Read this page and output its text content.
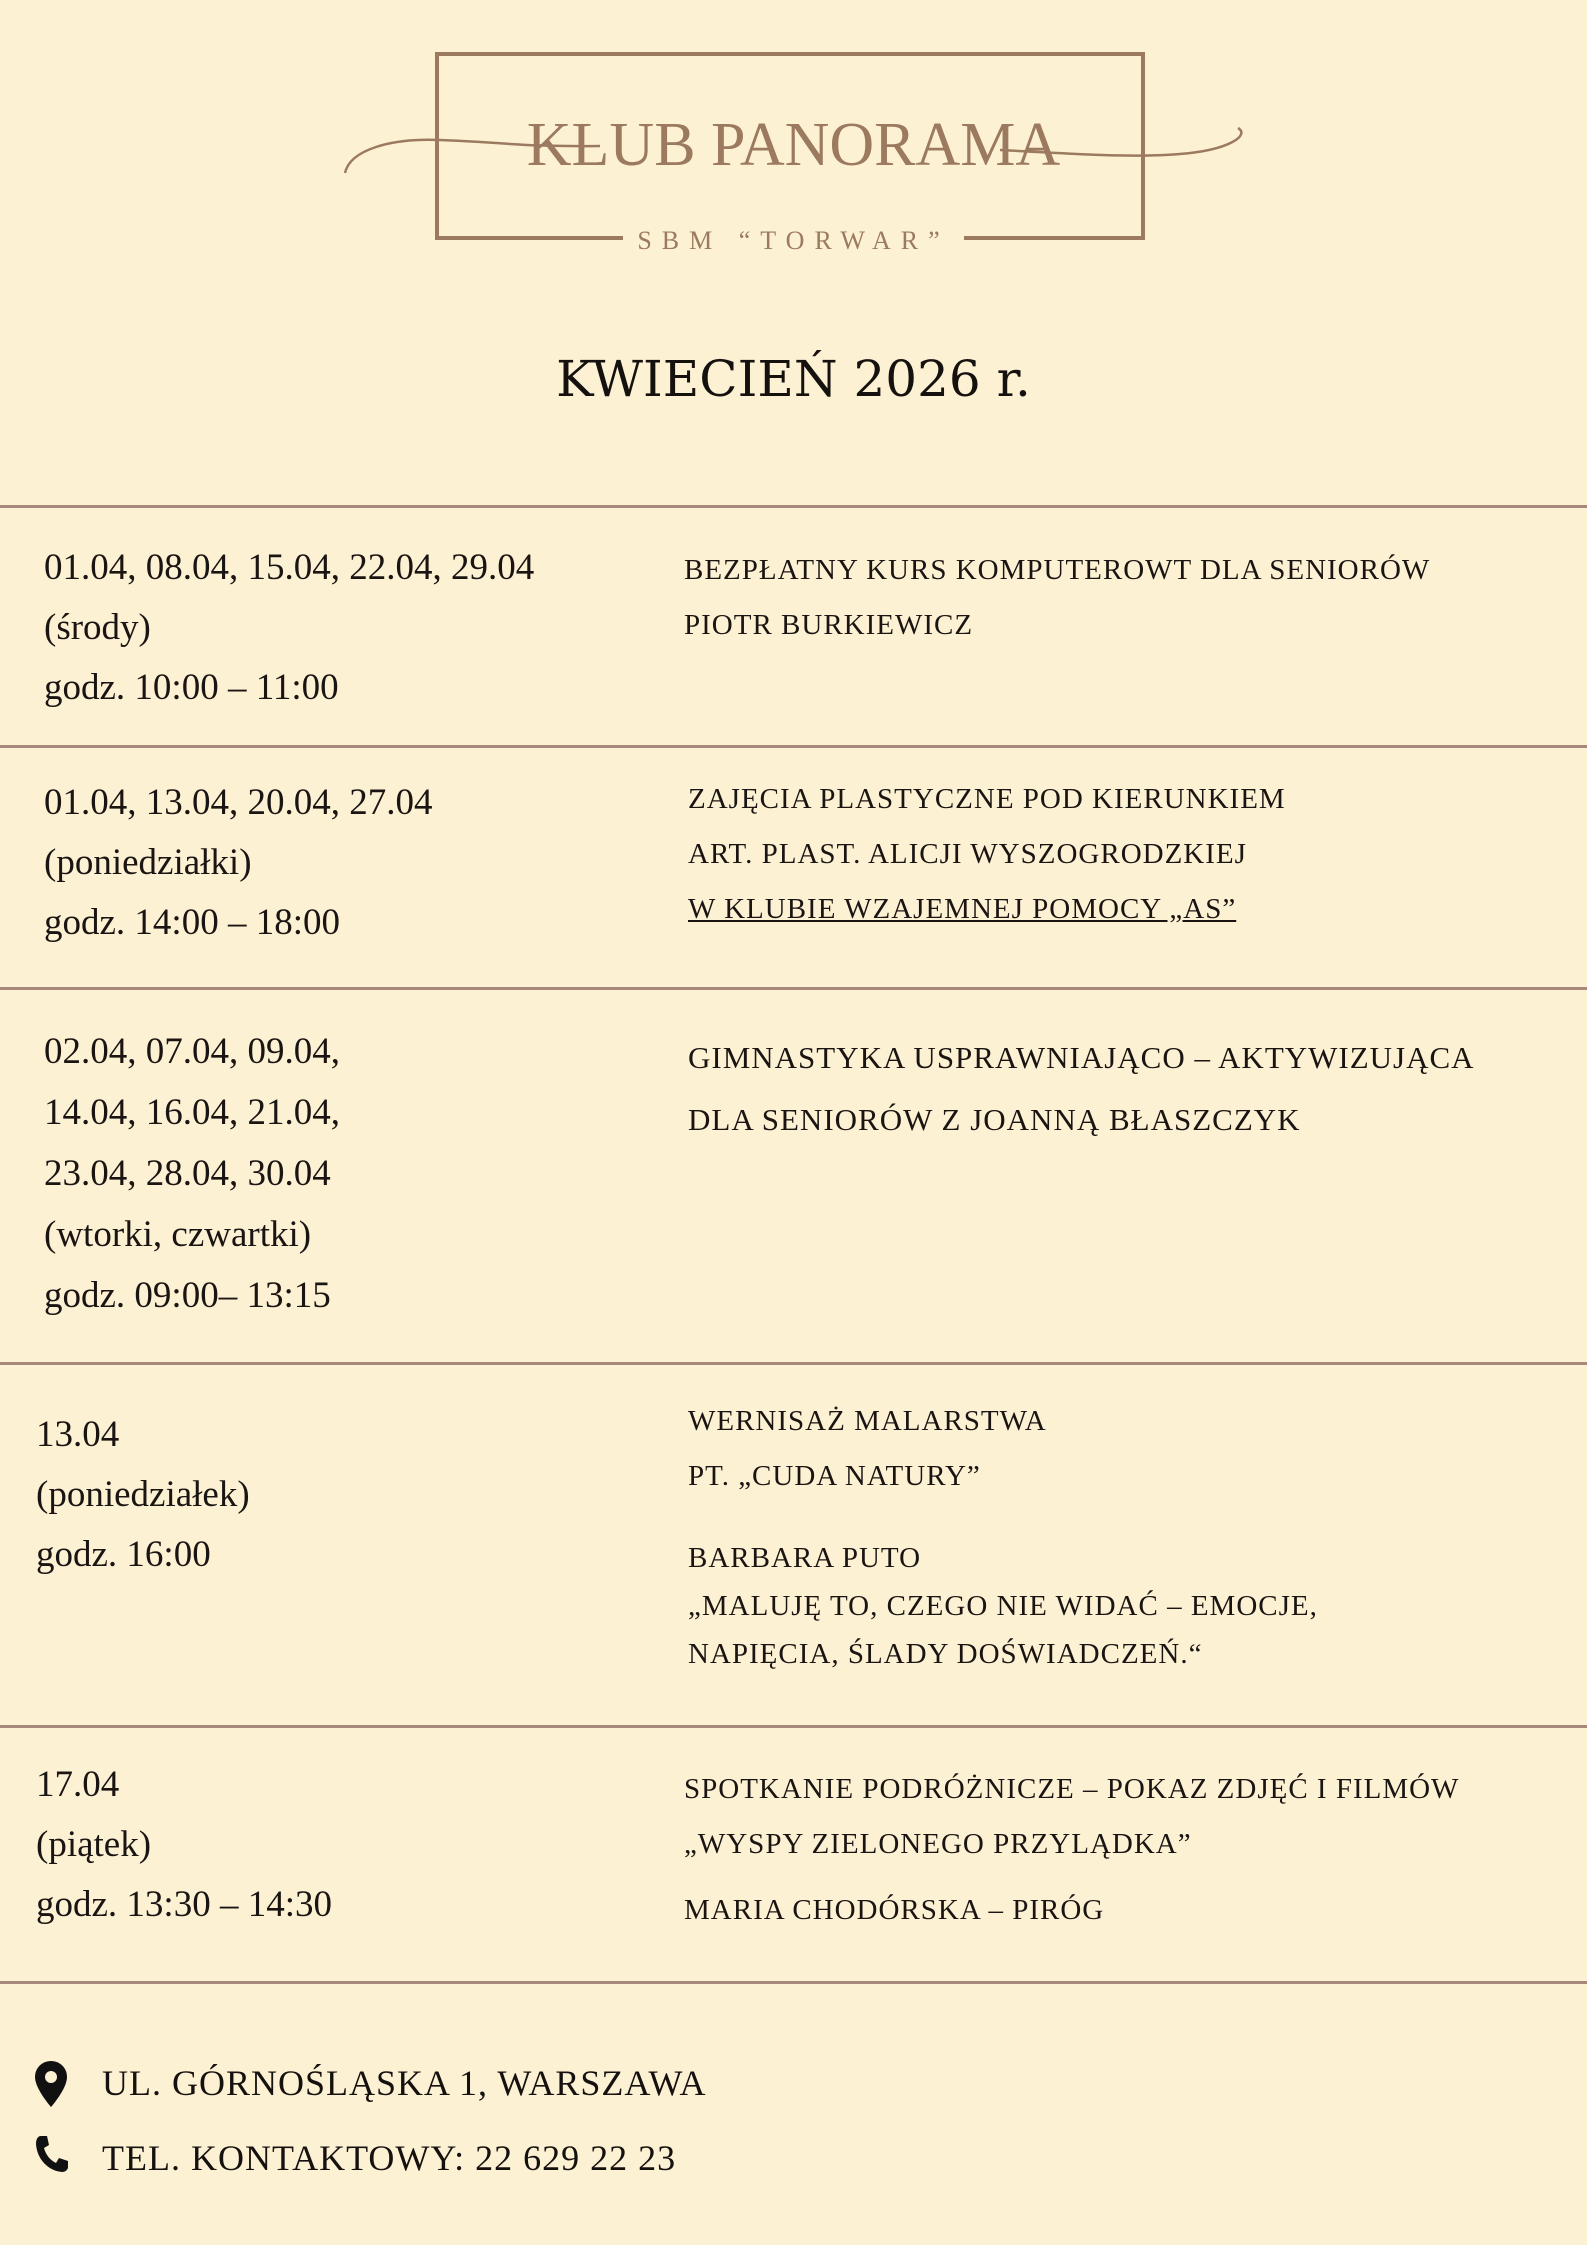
KLUB PANORAMA
SBM “TORWAR”
KWIECIEŃ 2026 r.
01.04, 08.04, 15.04, 22.04, 29.04
(środy)
godz. 10:00 – 11:00
BEZPŁATNY KURS KOMPUTEROWT DLA SENIORÓW
PIOTR BURKIEWICZ
01.04, 13.04, 20.04, 27.04
(poniedziałki)
godz. 14:00 – 18:00
ZAJĘCIA PLASTYCZNE POD KIERUNKIEM
ART. PLAST. ALICJI WYSZOGRODZKIEJ
W KLUBIE WZAJEMNEJ POMOCY „AS”
02.04, 07.04, 09.04,
14.04, 16.04, 21.04,
23.04, 28.04, 30.04
(wtorki, czwartki)
godz. 09:00– 13:15
GIMNASTYKA USPRAWNIAJĄCO – AKTYWIZUJĄCA
DLA SENIORÓW Z JOANNĄ BŁASZCZYK
13.04
(poniedziałek)
godz. 16:00
WERNISAŻ MALARSTWA
PT. „CUDA NATURY”
BARBARA PUTO
„MALUJĘ TO, CZEGO NIE WIDAĆ – EMOCJE,
NAPIĘCIA, ŚLADY DOŚWIADCZEŃ.“
17.04
(piątek)
godz. 13:30 – 14:30
SPOTKANIE PODRÓŻNICZE – POKAZ ZDJĘĆ I FILMÓW
„WYSPY ZIELONEGO PRZYLĄDKA”
MARIA CHODÓRSKA – PIRÓG
UL. GÓRNOŚLĄSKA 1, WARSZAWA
TEL. KONTAKTOWY: 22 629 22 23
